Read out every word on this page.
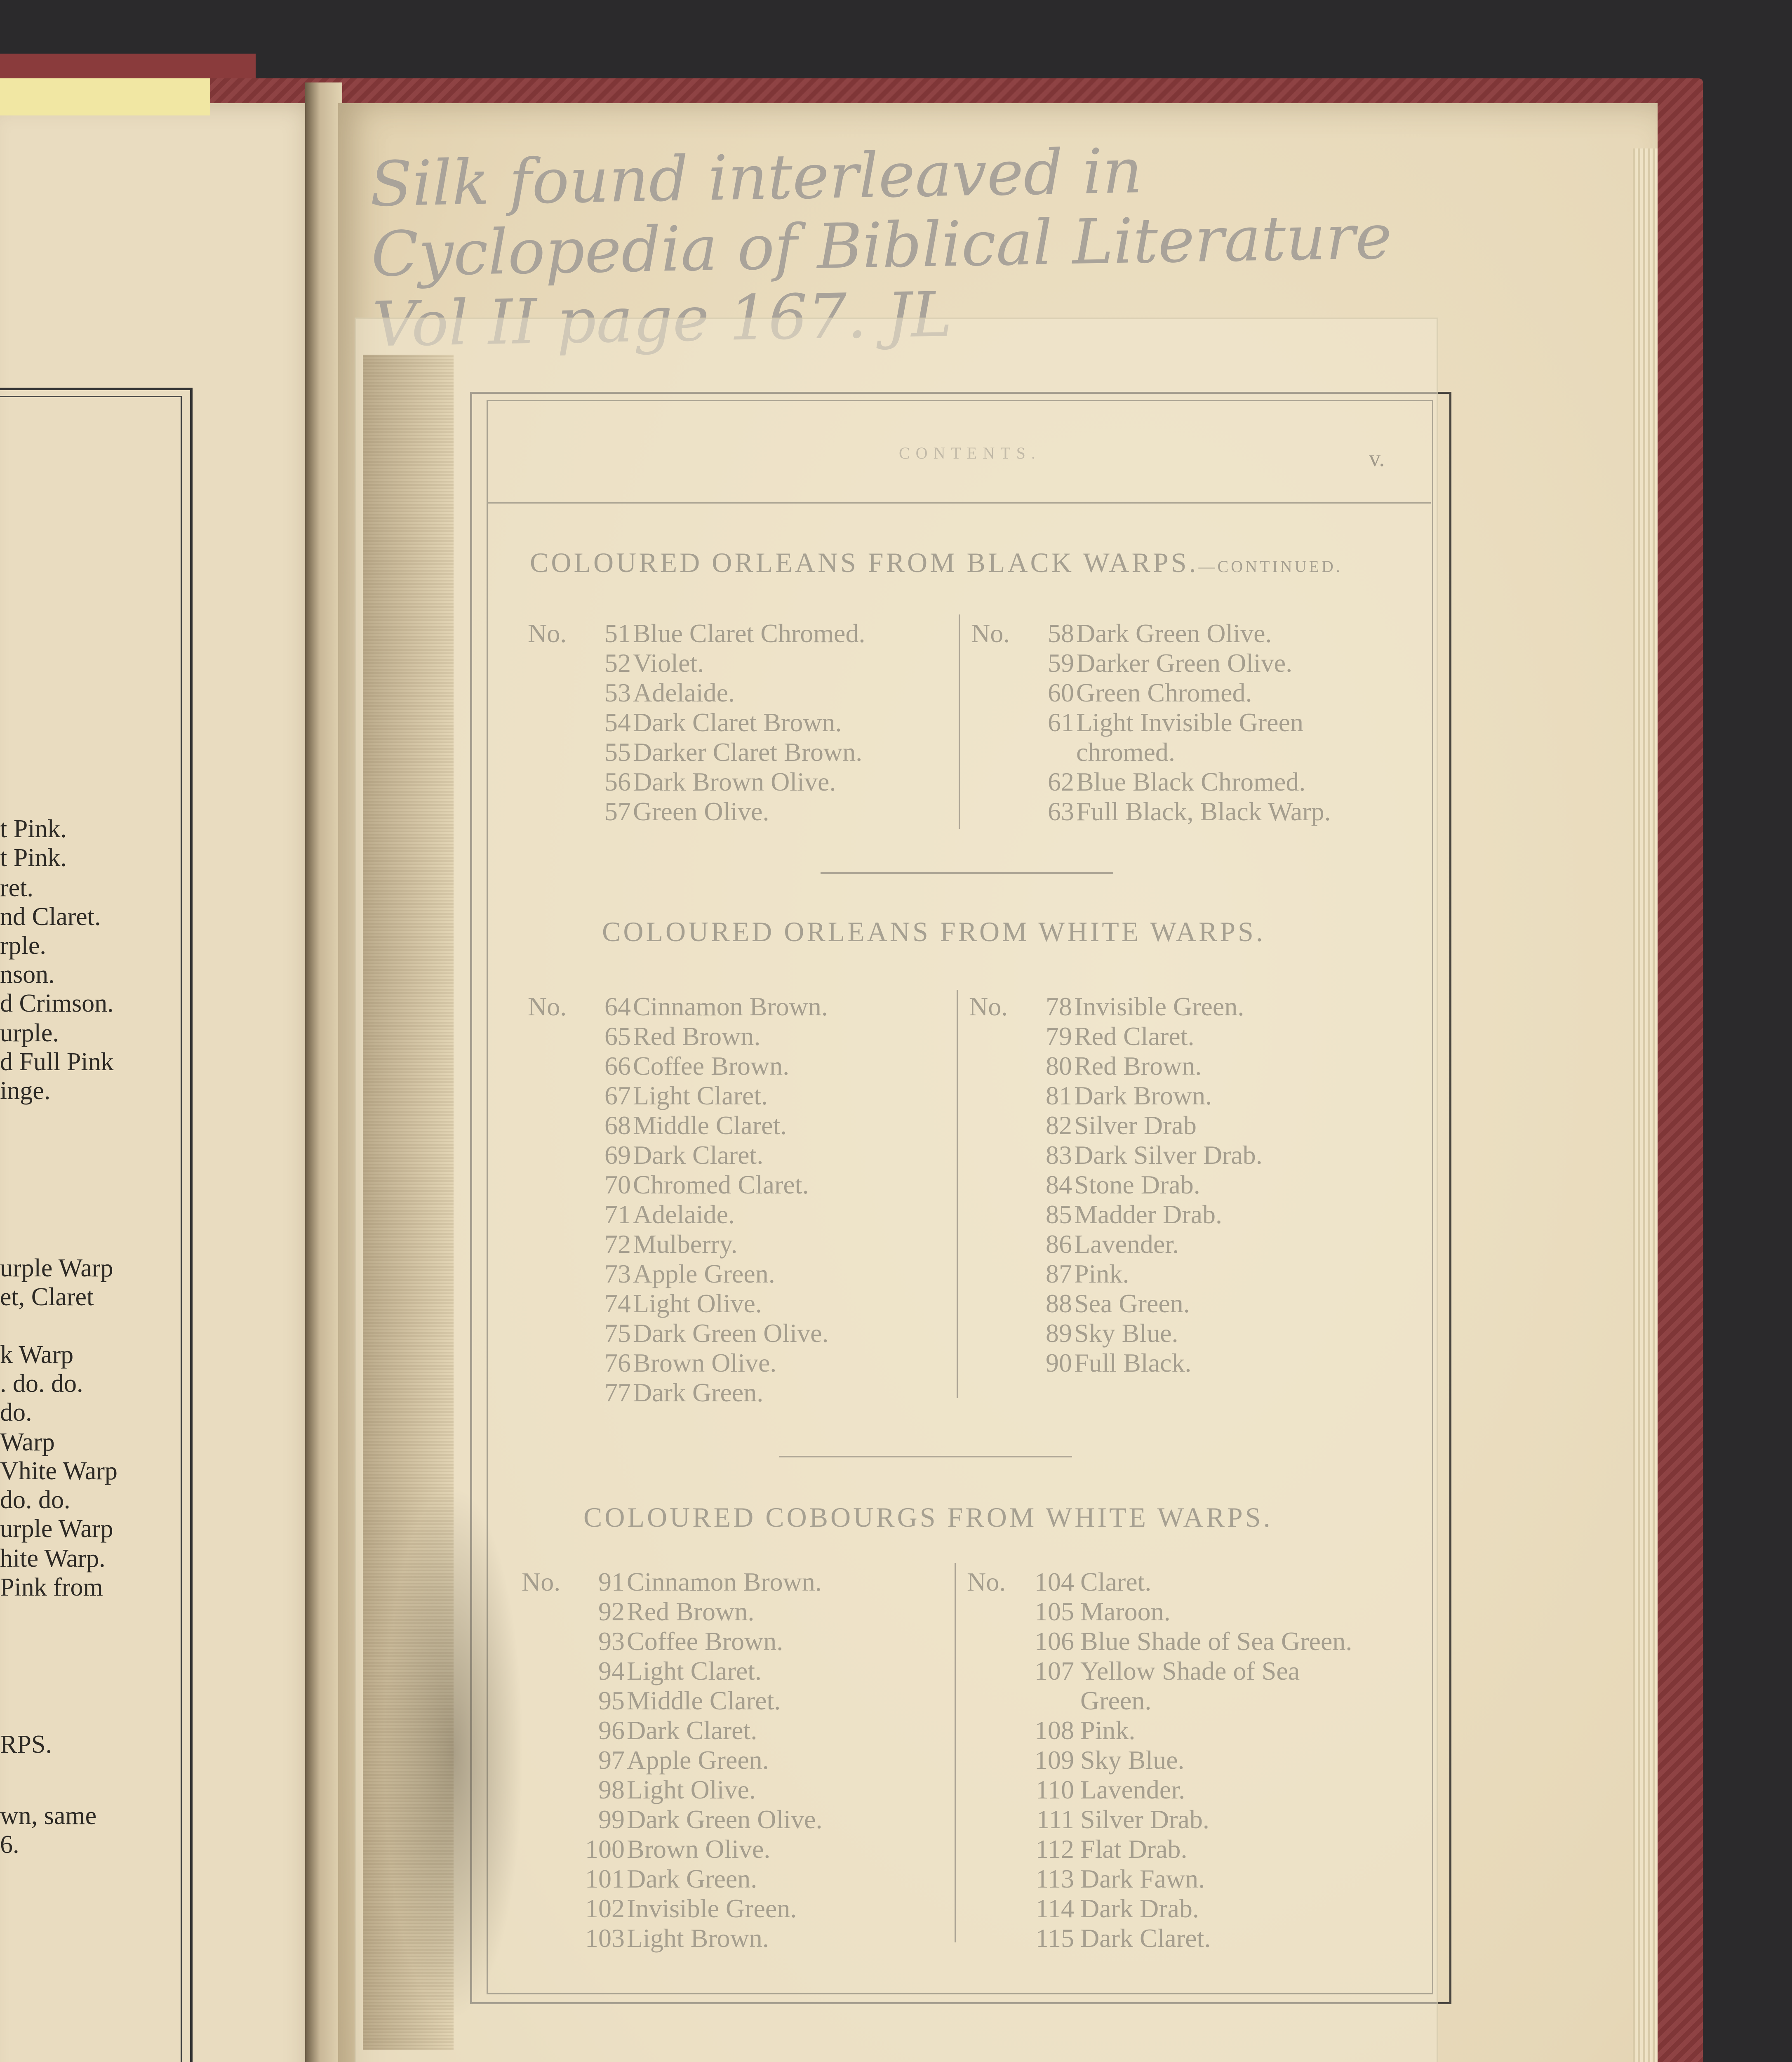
t Pink.
t Pink.
ret.
nd Claret.
rple.
nson.
d Crimson.
urple.
d Full Pink
inge.
urple Warp
et, Claret
k Warp
. do. do.
do.
Warp
Vhite Warp
do. do.
urple Warp
hite Warp.
Pink from
RPS.
wn, same
6.
Silk found interleaved in Cyclopedia of Biblical Literature JL
